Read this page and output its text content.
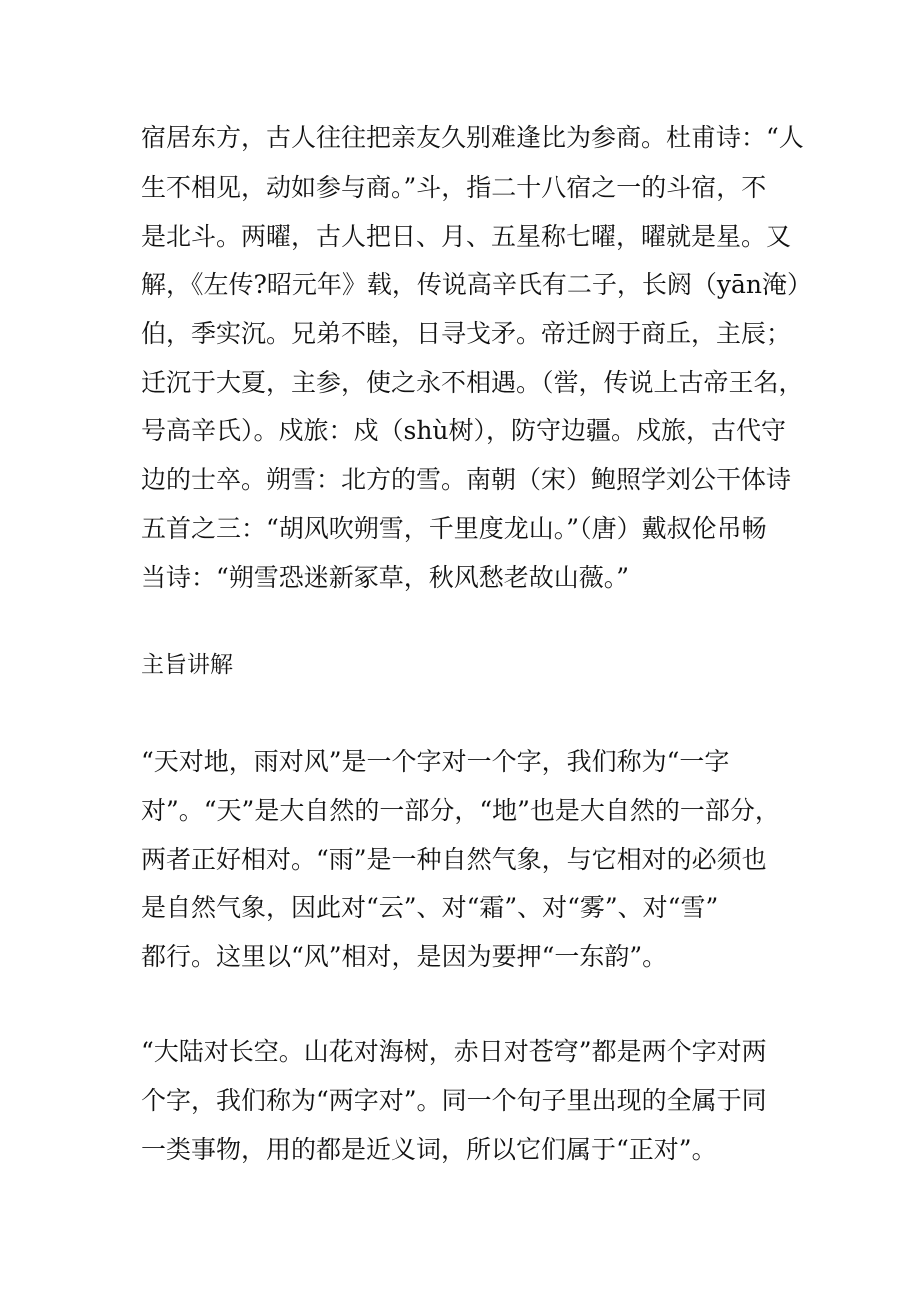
宿居东方，古人往往把亲友久别难逢比为参商。杜甫诗：“人
生不相见，动如参与商。”斗，指二十八宿之一的斗宿，不
是北斗。两曜，古人把日、月、五星称七曜，曜就是星。又
解，《左传?昭元年》载，传说高辛氏有二子，长阏（yān淹）
伯，季实沉。兄弟不睦，日寻戈矛。帝迁阏于商丘，主辰；
迁沉于大夏，主参，使之永不相遇。（喾，传说上古帝王名，
号高辛氏）。戍旅：戍（shù树），防守边疆。戍旅，古代守
边的士卒。朔雪：北方的雪。南朝（宋）鲍照学刘公干体诗
五首之三：“胡风吹朔雪，千里度龙山。”（唐）戴叔伦吊畅
当诗：“朔雪恐迷新冢草，秋风愁老故山薇。”
主旨讲解
“天对地，雨对风”是一个字对一个字，我们称为“一字
对”。“天”是大自然的一部分，“地”也是大自然的一部分，
两者正好相对。“雨”是一种自然气象，与它相对的必须也
是自然气象，因此对“云”、对“霜”、对“雾”、对“雪”
都行。这里以“风”相对，是因为要押“一东韵”。
“大陆对长空。山花对海树，赤日对苍穹”都是两个字对两
个字，我们称为“两字对”。同一个句子里出现的全属于同
一类事物，用的都是近义词，所以它们属于“正对”。
